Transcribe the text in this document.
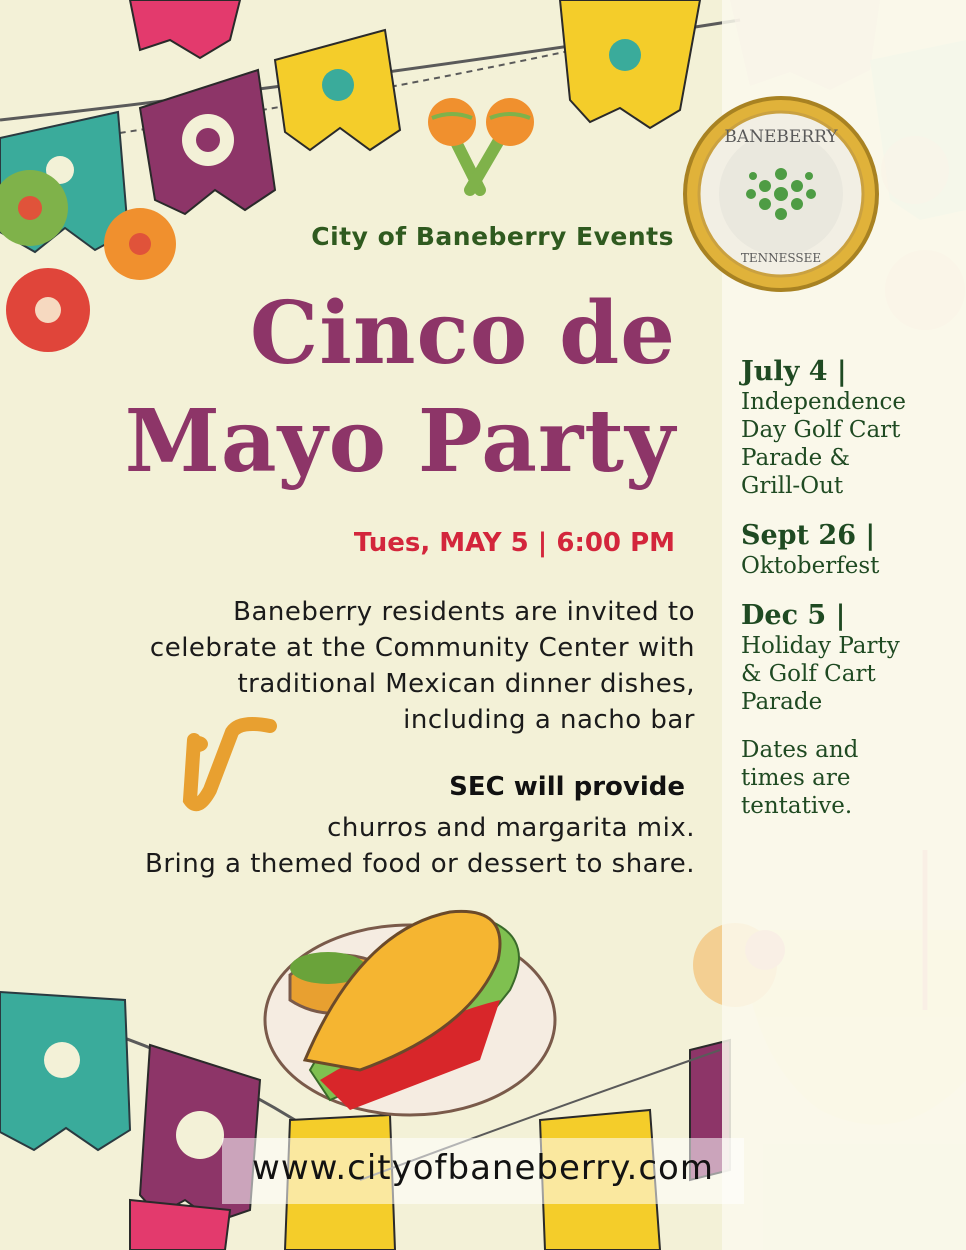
BANEBERRY
TENNESSEE
City of Baneberry Events
Cinco de
Mayo Party
Tues, MAY 5 | 6:00 PM
Baneberry residents are invited to
celebrate at the Community Center with
traditional Mexican dinner dishes,
including a nacho bar
SEC will provide
churros and margarita mix.
Bring a themed food or dessert to share.
July 4 |
Independence
Day Golf Cart
Parade &
Grill-Out
Sept 26 |
Oktoberfest
Dec 5 |
Holiday Party
& Golf Cart
Parade
Dates and
times are
tentative.
www.cityofbaneberry.com
